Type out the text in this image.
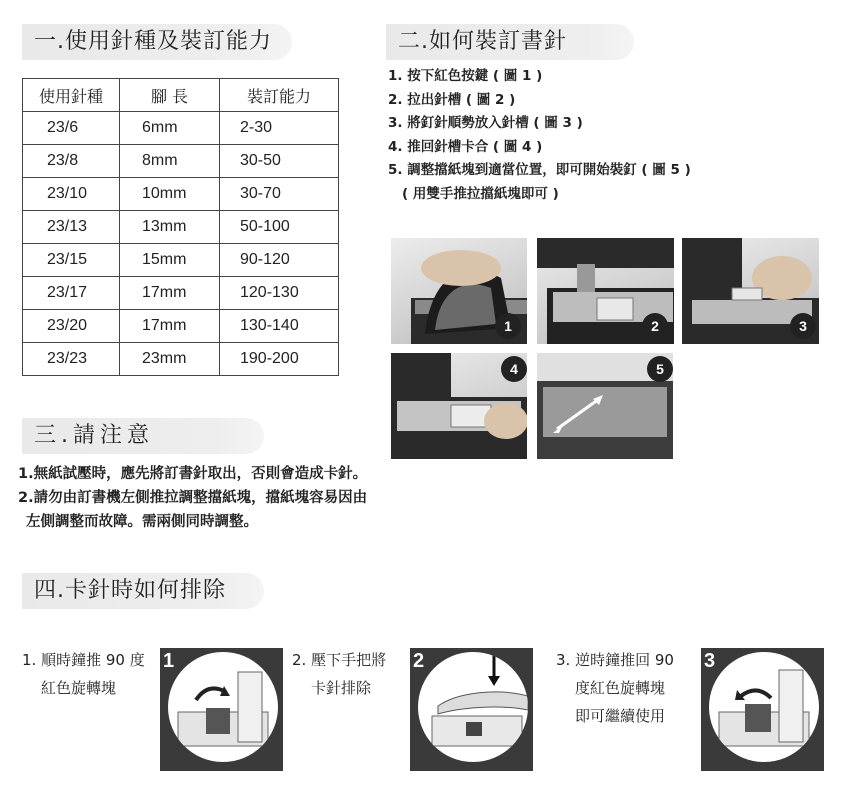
一.使用針種及裝訂能力	二.如何裝訂書針
三.請注意
四.卡針時如何排除
使用針種	腳 長	裝訂能力
23/6	6mm	2-30
23/8	8mm	30-50
23/10	10mm	30-70
23/13	13mm	50-100
23/15	15mm	90-120
23/17	17mm	120-130
23/20	17mm	130-140
23/23	23mm	190-200
1. 按下紅色按鍵 ( 圖 1 )
2. 拉出針槽 ( 圖 2 )
3. 將釘針順勢放入針槽 ( 圖 3 )
4. 推回針槽卡合 ( 圖 4 )
5. 調整擋紙塊到適當位置，即可開始裝釘 ( 圖 5 )
( 用雙手推拉擋紙塊即可 )
1	2	3
4	5
1.無紙試壓時，應先將訂書針取出，否則會造成卡針。
2.請勿由訂書機左側推拉調整擋紙塊，擋紙塊容易因由
左側調整而故障。需兩側同時調整。
1. 順時鐘推 90 度
紅色旋轉塊
1	2. 壓下手把將
卡針排除
2	3. 逆時鐘推回 90
度紅色旋轉塊
即可繼續使用
3
